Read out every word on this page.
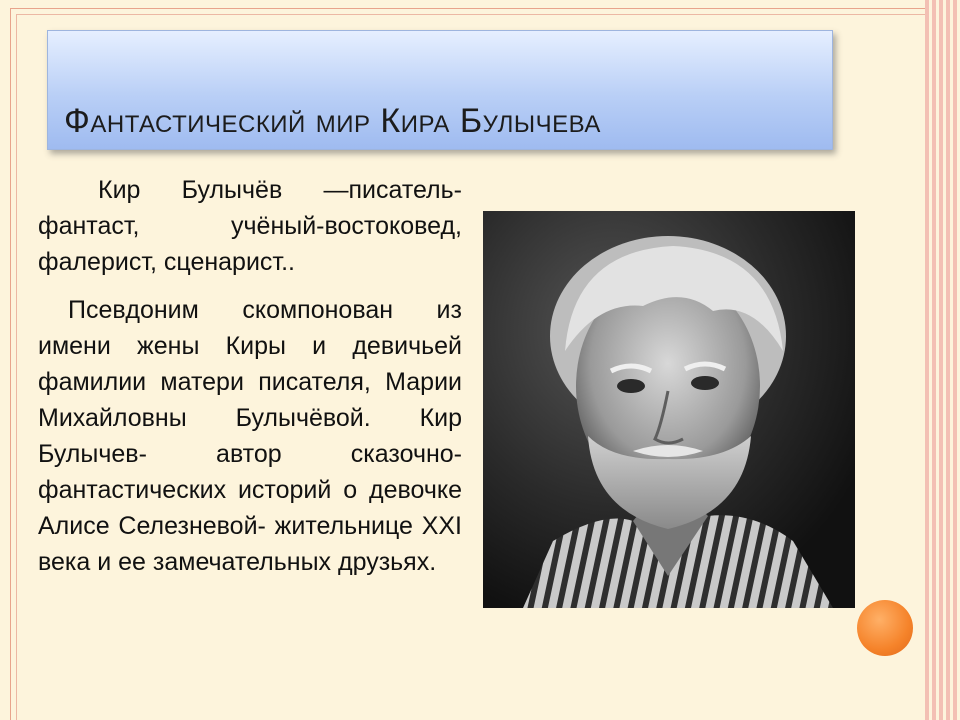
Фантастический мир Кира Булычева

Кир Булычёв —писатель-фантаст, учёный-востоковед, фалерист, сценарист..

Псевдоним скомпонован из имени жены Киры и девичьей фамилии матери писателя, Марии Михайловны Булычёвой. Кир Булычев- автор сказочно-фантастических историй о девочке Алисе Селезневой- жительнице XXI века и ее замечательных друзьях.
